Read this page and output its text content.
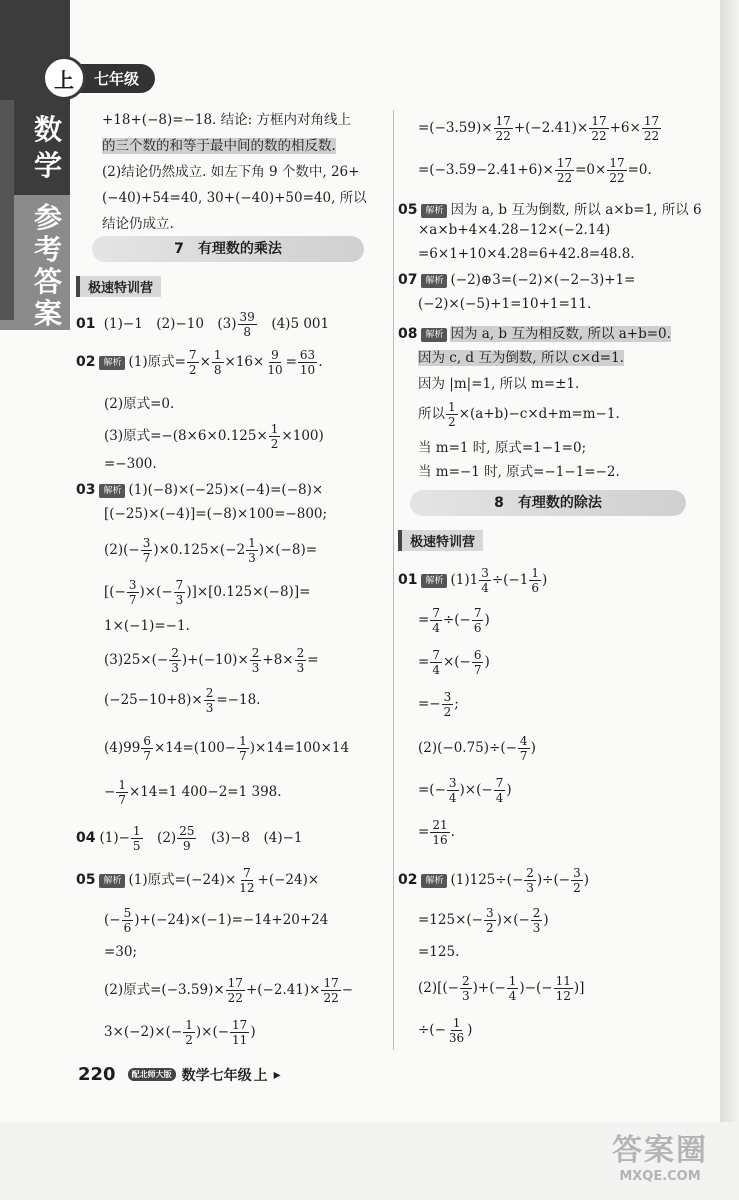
数
学
参
考
答
案
上	七年级
+18+(−8)=−18. 结论: 方框内对角线上
的三个数的和等于最中间的数的相反数.
(2)结论仍然成立. 如左下角 9 个数中, 26+
(−40)+54=40, 30+(−40)+50=40, 所以
结论仍成立.
7　有理数的乘法
极速特训营
01 (1)−1　(2)−10　$(3) \frac{39}{8}$ 　(4)5 001
02 解析 (1)原式= $\frac{7}{2} \times \frac{1}{8} \times 16\times \frac{9}{10} = \frac{63}{10}$ .
(2)原式=0.
(3)原式$=-(8\times 6\times 0.125\times \frac{1}{2} \times 100)$
=−300.
03 解析 (1)(−8)×(−25)×(−4)=(−8)×
[(−25)×(−4)]=(−8)×100=−800;
$(2)(- \frac{3}{7} )\times 0.125\times(-2 \frac{1}{3} )\times(-8)=$
[(− $\frac{3}{7}$ )×(− $\frac{7}{3} )]\times[0.125\times(-8)]=$
1×(−1)=−1.
$(3)25\times(- \frac{2}{3} )+(-10)\times \frac{2}{3} +8\times \frac{2}{3}$ =
$(-25-10+8)\times \frac{2}{3} =-18$.
$(4)99 \frac{6}{7} \times 14=(100- \frac{1}{7} )\times 14=100\times 14$
− $\frac{1}{7} \times 14=1$ 400−2=1 398.
04 $(1)- \frac{1}{5}$ 　$(2) \frac{25}{9}$ 　(3)−8　(4)−1
05 解析 (1)原式$=(-24)\times \frac{7}{12} +(-24)\times$
(− $\frac{5}{6} )+(-24)\times(-1)=-14+20+24$
=30;
(2)原式$=(-3.59)\times \frac{17}{22} +(-2.41)\times \frac{17}{22}$ −
$3\times(-2)\times(- \frac{1}{2}$ )×(− $\frac{17}{11}$ )
$=(-3.59)\times \frac{17}{22} +(-2.41)\times \frac{17}{22} +6\times \frac{17}{22}$
$=(-3.59-2.41+6)\times \frac{17}{22} =0\times \frac{17}{22} =0$.
05 解析 因为 a, b 互为倒数, 所以 a×b=1, 所以 6
×a×b+4×4.28−12×(−2.14)
=6×1+10×4.28=6+42.8=48.8.
07 解析 (−2)⊕3=(−2)×(−2−3)+1=
(−2)×(−5)+1=10+1=11.
08 解析 因为 a, b 互为相反数, 所以 a+b=0.
因为 c, d 互为倒数, 所以 c×d=1.
因为 |m|=1, 所以 m=±1.
所以 $\frac{1}{2} \times(a+b)-c\times d+m=m-1$.
当 m=1 时, 原式=1−1=0;
当 m=−1 时, 原式=−1−1=−2.
8　有理数的除法
极速特训营
01 解析 $(1)1 \frac{3}{4} \div(-1 \frac{1}{6}$ )
= $\frac{7}{4}$ ÷(− $\frac{7}{6}$ )
= $\frac{7}{4}$ ×(− $\frac{6}{7}$ )
=− $\frac{3}{2}$ ;
$(2)(-0.75)\div(- \frac{4}{7}$ )
=(− $\frac{3}{4}$ )×(− $\frac{7}{4}$ )
= $\frac{21}{16}$ .
02 解析 $(1)125\div(- \frac{2}{3}$ )÷(− $\frac{3}{2}$ )
$=125\times(- \frac{3}{2}$ )×(− $\frac{2}{3}$ )
=125.
$(2)[(- \frac{2}{3}$ )+(− $\frac{1}{4}$ )−(− $\frac{11}{12}$ )]
÷(− $\frac{1}{36}$ )
220	配北师大版 数学七年级 上 ▸
答案圈
MXQE.COM
